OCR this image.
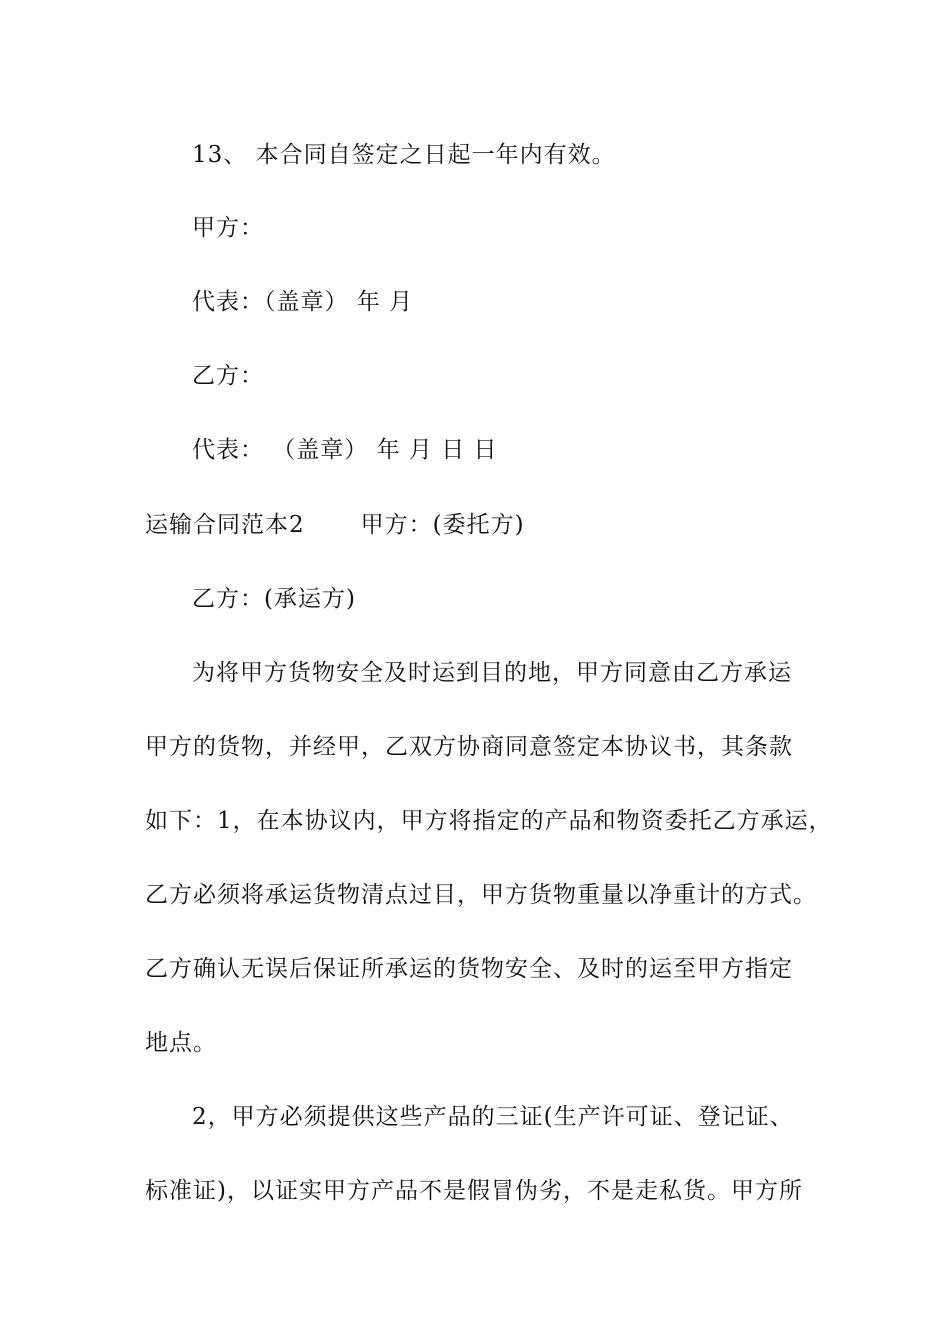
13、 本合同自签定之日起一年内有效。
甲方：
代表：（盖章） 年 月
乙方：
代表： （盖章） 年 月 日 日
运输合同范本2 甲方：(委托方)
乙方：(承运方)
为将甲方货物安全及时运到目的地，甲方同意由乙方承运
甲方的货物，并经甲，乙双方协商同意签定本协议书，其条款
如下：1，在本协议内，甲方将指定的产品和物资委托乙方承运，
乙方必须将承运货物清点过目，甲方货物重量以净重计的方式。
乙方确认无误后保证所承运的货物安全、及时的运至甲方指定
地点。
2，甲方必须提供这些产品的三证(生产许可证、登记证、
标准证)，以证实甲方产品不是假冒伪劣，不是走私货。甲方所
